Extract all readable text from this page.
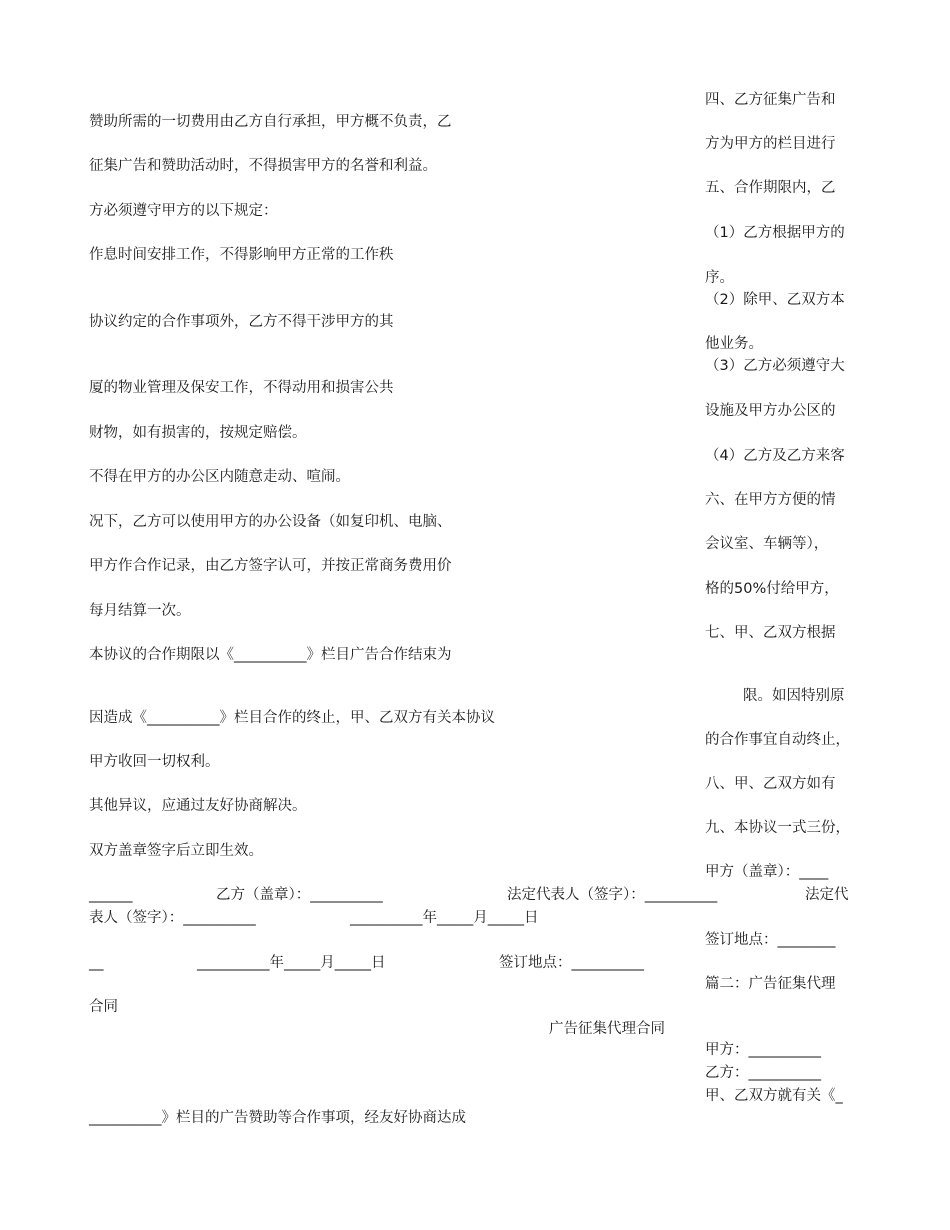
四、乙方征集广告和
方为甲方的栏目进行
五、合作期限内，乙
（1）乙方根据甲方的
序。
（2）除甲、乙双方本
他业务。
（3）乙方必须遵守大
设施及甲方办公区的
（4）乙方及乙方来客
六、在甲方方便的情
会议室、车辆等），
格的50%付给甲方，
七、甲、乙双方根据
限。如因特别原
的合作事宜自动终止，
八、甲、乙双方如有
九、本协议一式三份，
甲方（盖章）：____
签订地点：________
篇二：广告征集代理
甲方：__________
乙方：__________
甲、乙双方就有关《_
赞助所需的一切费用由乙方自行承担，甲方概不负责，乙
征集广告和赞助活动时，不得损害甲方的名誉和利益。
方必须遵守甲方的以下规定：
作息时间安排工作，不得影响甲方正常的工作秩
协议约定的合作事项外，乙方不得干涉甲方的其
厦的物业管理及保安工作，不得动用和损害公共
财物，如有损害的，按规定赔偿。
不得在甲方的办公区内随意走动、喧闹。
况下，乙方可以使用甲方的办公设备（如复印机、电脑、
甲方作合作记录，由乙方签字认可，并按正常商务费用价
每月结算一次。
本协议的合作期限以《__________》栏目广告合作结束为
因造成《__________》栏目合作的终止，甲、乙双方有关本协议
甲方收回一切权利。
其他异议，应通过友好协商解决。
双方盖章签字后立即生效。
______	乙方（盖章）：__________	法定代表人（签字）：__________	法定代
表人（签字）：__________	__________年_____月_____日
__	__________年_____月_____日	签订地点：__________
合同
广告征集代理合同
__________》栏目的广告赞助等合作事项，经友好协商达成
